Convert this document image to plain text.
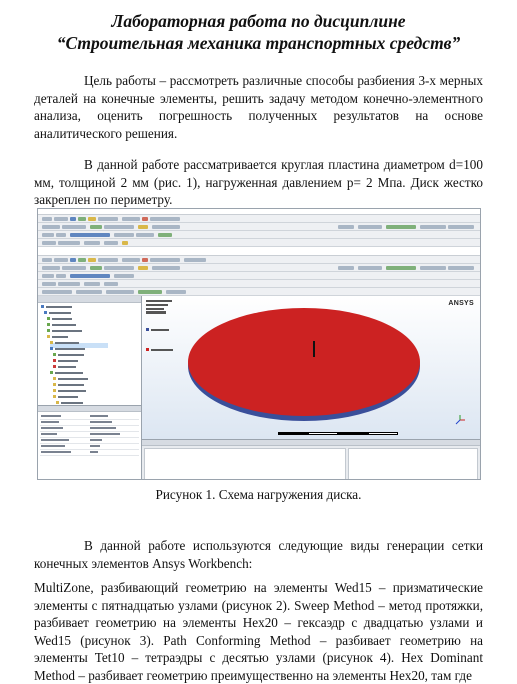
Лабораторная работа по дисциплине
“Строительная механика транспортных средств”
Цель работы – рассмотреть различные способы разбиения 3-х мерных деталей на конечные элементы, решить задачу методом конечно-элементного анализа, оценить погрешность полученных результатов на основе аналитического решения.
В данной работе рассматривается круглая пластина диаметром d=100 мм, толщиной 2 мм (рис. 1), нагруженная давлением p= 2 Мпа. Диск жестко закреплен по периметру.
ANSYS
Рисунок 1. Схема нагружения диска.
В данной работе используются следующие виды генерации сетки конечных элементов Ansys Workbench:
MultiZone, разбивающий геометрию на элементы Wed15 – призматические элементы с пятнадцатью узлами (рисунок 2). Sweep Method – метод протяжки, разбивает геометрию на элементы Hex20 – гексаэдр с двадцатью узлами и Wed15 (рисунок 3). Path Conforming Method – разбивает геометрию на элементы Tet10 – тетраэдры с десятью узлами (рисунок 4). Hex Dominant Method – разбивает геометрию преимущественно на элементы Hex20, там где
